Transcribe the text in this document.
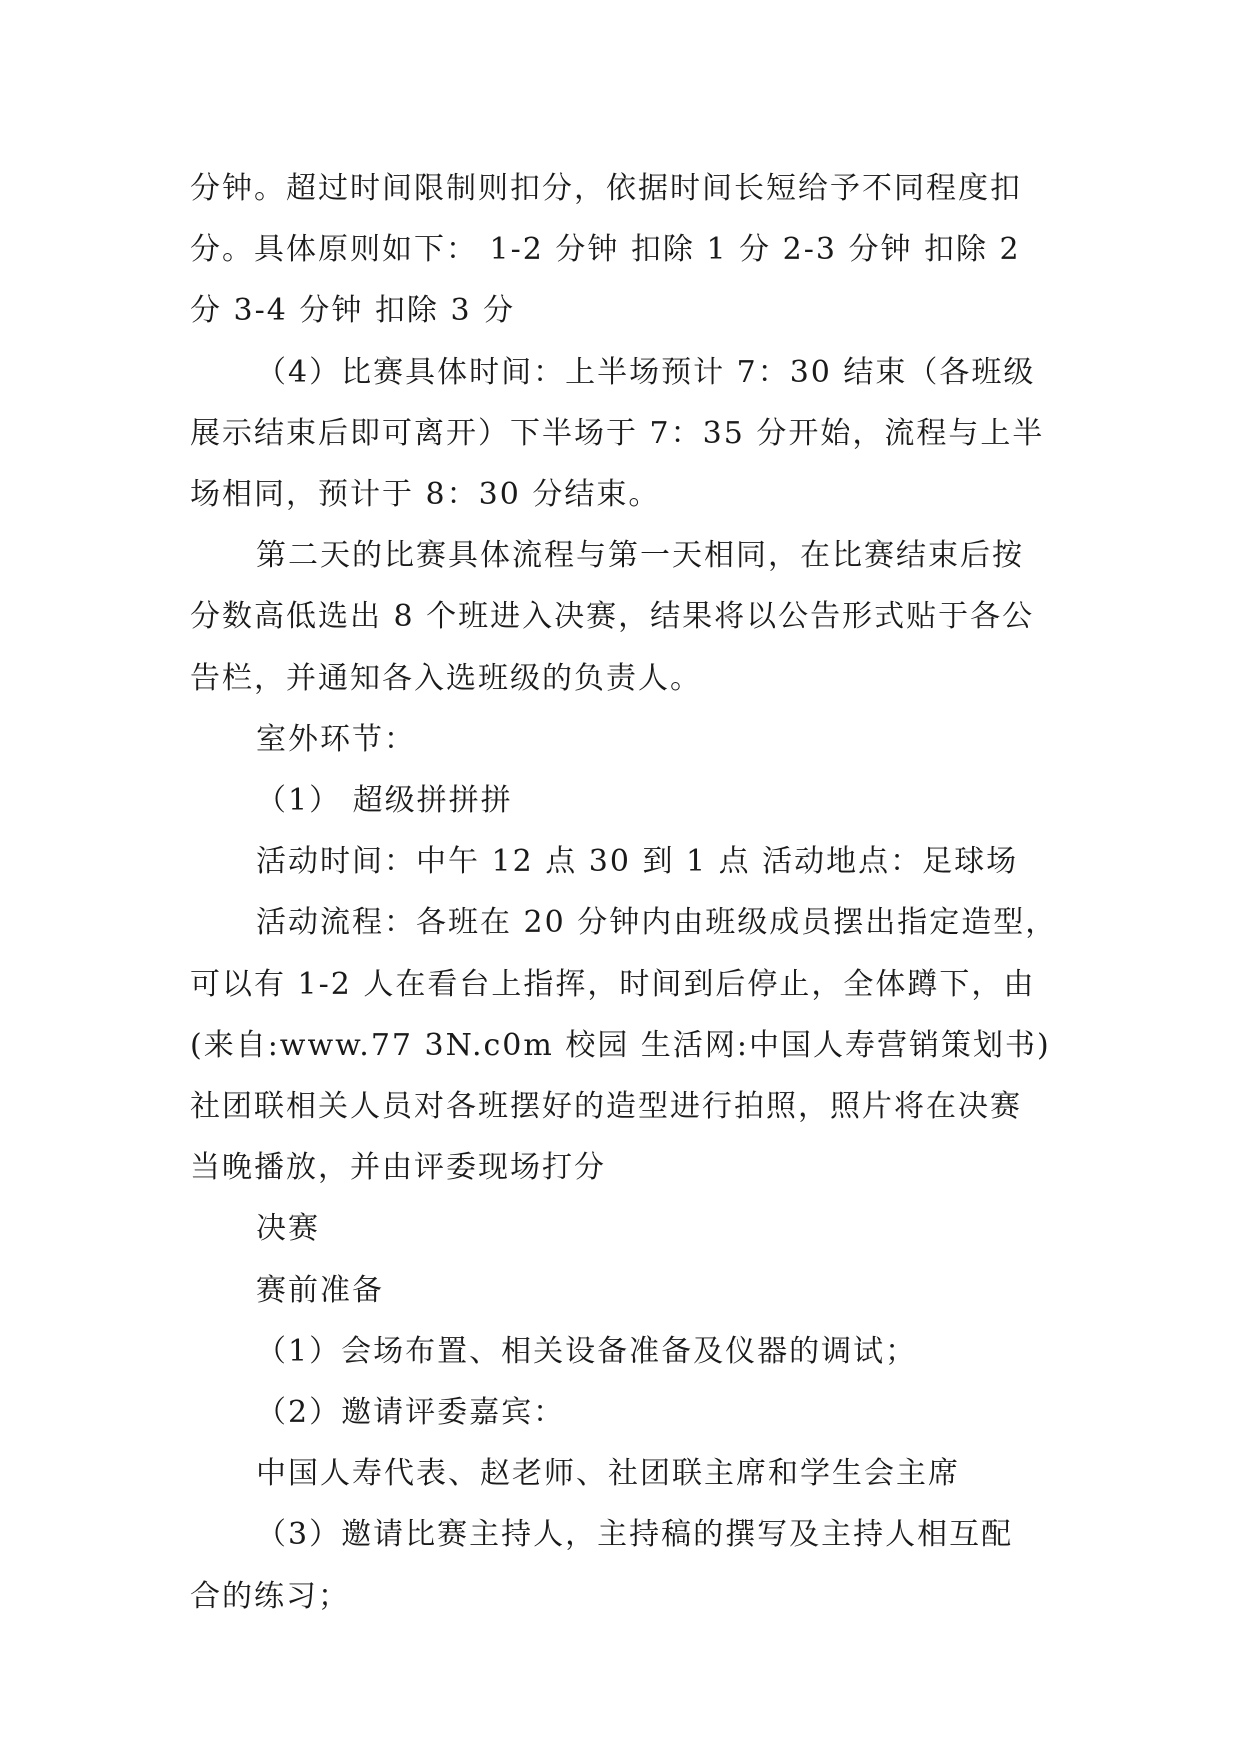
分钟。超过时间限制则扣分，依据时间长短给予不同程度扣
分。具体原则如下： 1-2 分钟 扣除 1 分 2-3 分钟 扣除 2
分 3-4 分钟 扣除 3 分
（4）比赛具体时间：上半场预计 7：30 结束（各班级
展示结束后即可离开）下半场于 7：35 分开始，流程与上半
场相同，预计于 8：30 分结束。
第二天的比赛具体流程与第一天相同，在比赛结束后按
分数高低选出 8 个班进入决赛，结果将以公告形式贴于各公
告栏，并通知各入选班级的负责人。
室外环节：
（1） 超级拼拼拼
活动时间：中午 12 点 30 到 1 点 活动地点：足球场
活动流程：各班在 20 分钟内由班级成员摆出指定造型，
可以有 1-2 人在看台上指挥，时间到后停止，全体蹲下，由
(来自:www.77 3N.c0m 校园 生活网:中国人寿营销策划书)
社团联相关人员对各班摆好的造型进行拍照，照片将在决赛
当晚播放，并由评委现场打分
决赛
赛前准备
（1）会场布置、相关设备准备及仪器的调试；
（2）邀请评委嘉宾：
中国人寿代表、赵老师、社团联主席和学生会主席
（3）邀请比赛主持人，主持稿的撰写及主持人相互配
合的练习；
